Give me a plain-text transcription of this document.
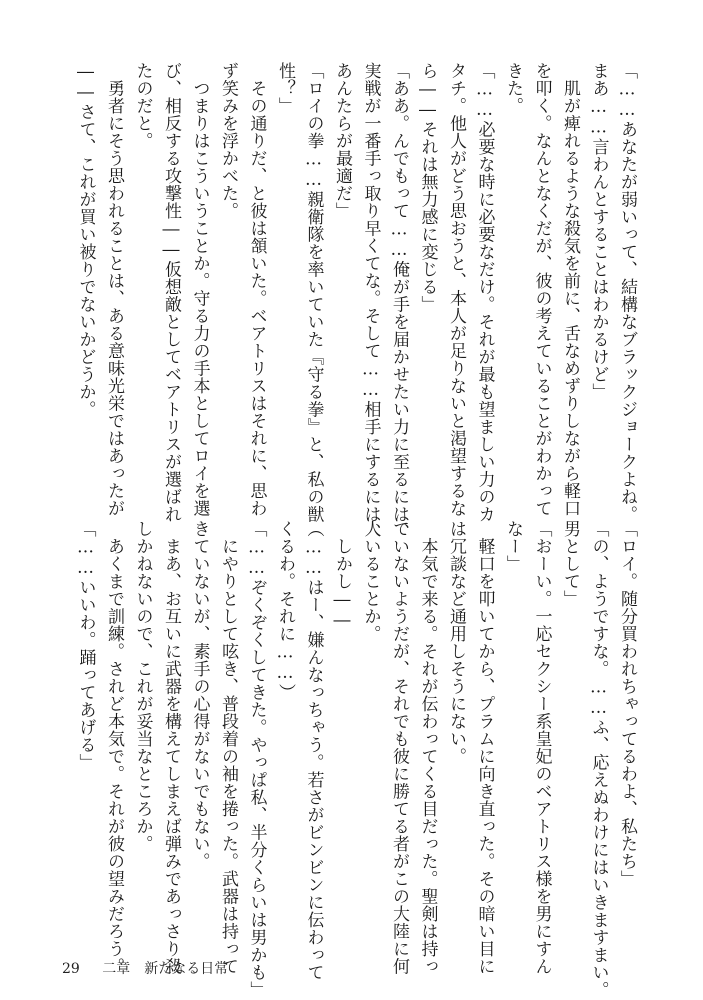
「……あなたが弱いって、結構なブラックジョークよね。
まあ……言わんとすることはわかるけど」
　肌が痺れるような殺気を前に、舌なめずりしながら軽口
を叩く。なんとなくだが、彼の考えていることがわかって
きた。
「……必要な時に必要なだけ。それが最も望ましい力のカ
タチ。他人がどう思おうと、本人が足りないと渇望するな
ら――それは無力感に変じる」
「ああ。んでもって……俺が手を届かせたい力に至るには、
実戦が一番手っ取り早くてな。そして……相手にするには、
あんたらが最適だ」
「ロイの拳……親衛隊を率いていた『守る拳』と、私の獣
性？」
　その通りだ、と彼は頷いた。ベアトリスはそれに、思わ
ず笑みを浮かべた。
　つまりはこういうことか。守る力の手本としてロイを選
び、相反する攻撃性――仮想敵としてベアトリスが選ばれ
たのだと。
　勇者にそう思われることは、ある意味光栄ではあったが
――さて、これが買い被りでないかどうか。
「ロイ。随分買われちゃってるわよ、私たち」
「の、ようですな。……ふ、応えぬわけにはいきますまい。
男として」
「おーい。一応セクシー系皇妃のベアトリス様を男にすん
なー」
　軽口を叩いてから、プラムに向き直った。その暗い目に
は冗談など通用しそうにない。
　本気で来る。それが伝わってくる目だった。聖剣は持っ
ていないようだが、それでも彼に勝てる者がこの大陸に何
人いることか。
　しかし――
（……はー、嫌んなっちゃう。若さがビンビンに伝わって
くるわ。それに……）
「……ぞくぞくしてきた。やっぱ私、半分くらいは男かも」
　にやりとして呟き、普段着の袖を捲った。武器は持って
きていないが、素手の心得がないでもない。
　まあ、お互いに武器を構えてしまえば弾みであっさり殺
しかねないので、これが妥当なところか。
　あくまで訓練。されど本気で。それが彼の望みだろう。
「……いいわ。踊ってあげる」
29 二章　新たなる日常
